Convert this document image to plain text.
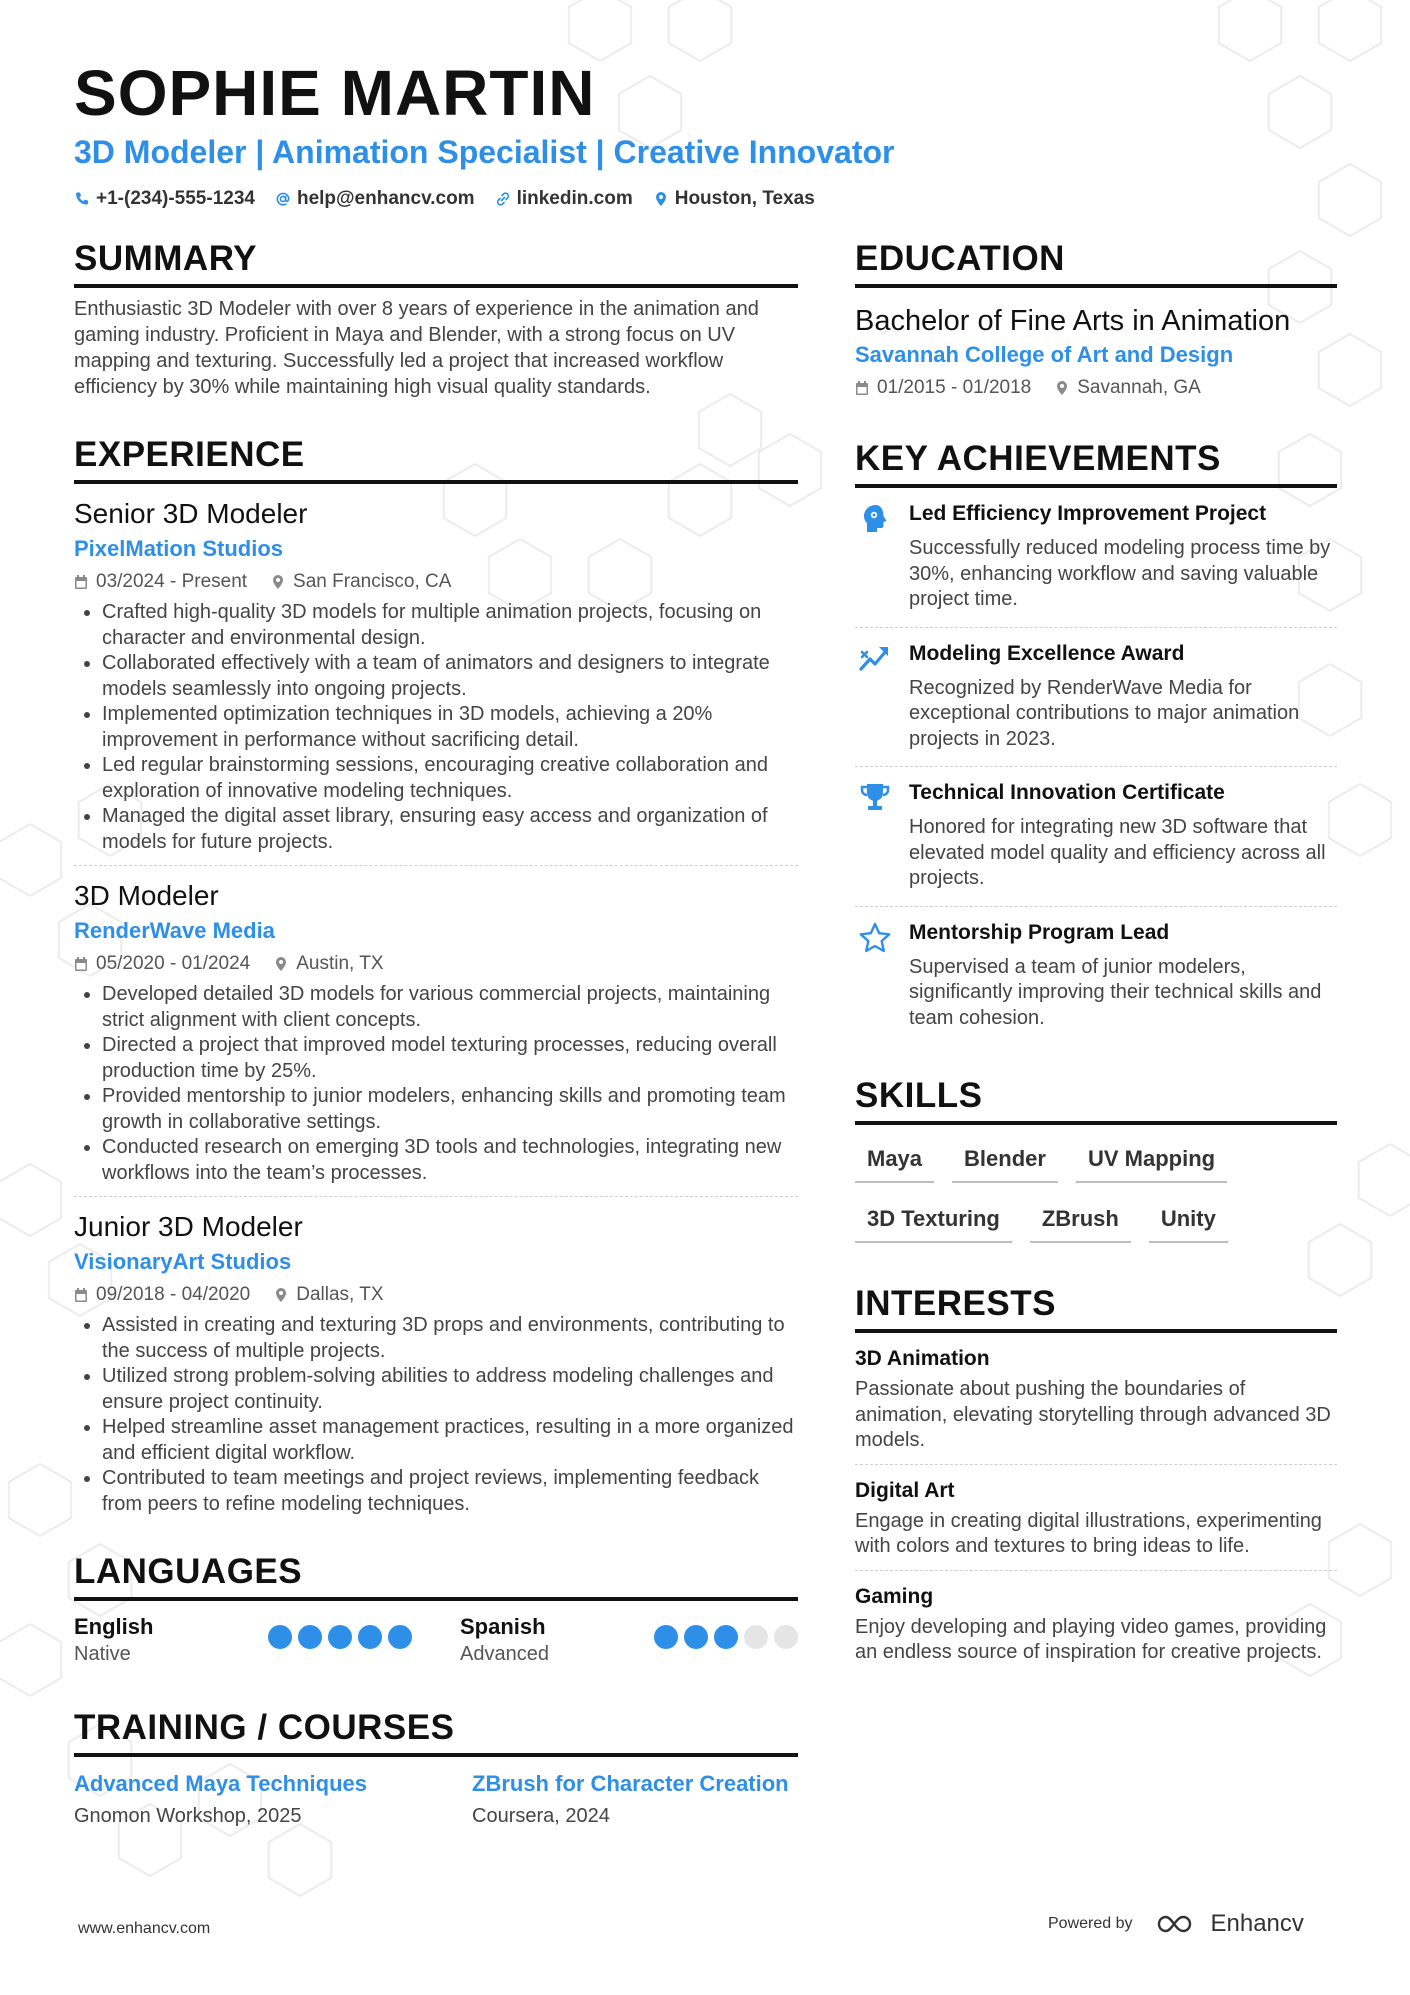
SOPHIE MARTIN
3D Modeler | Animation Specialist | Creative Innovator
+1-(234)-555-1234 help@enhancv.com linkedin.com Houston, Texas
SUMMARY
Enthusiastic 3D Modeler with over 8 years of experience in the animation and gaming industry. Proficient in Maya and Blender, with a strong focus on UV mapping and texturing. Successfully led a project that increased workflow efficiency by 30% while maintaining high visual quality standards.
EXPERIENCE
Senior 3D Modeler
PixelMation Studios
03/2024 - Present San Francisco, CA
• Crafted high-quality 3D models for multiple animation projects, focusing on character and environmental design.
• Collaborated effectively with a team of animators and designers to integrate models seamlessly into ongoing projects.
• Implemented optimization techniques in 3D models, achieving a 20% improvement in performance without sacrificing detail.
• Led regular brainstorming sessions, encouraging creative collaboration and exploration of innovative modeling techniques.
• Managed the digital asset library, ensuring easy access and organization of models for future projects.
3D Modeler
RenderWave Media
05/2020 - 01/2024 Austin, TX
• Developed detailed 3D models for various commercial projects, maintaining strict alignment with client concepts.
• Directed a project that improved model texturing processes, reducing overall production time by 25%.
• Provided mentorship to junior modelers, enhancing skills and promoting team growth in collaborative settings.
• Conducted research on emerging 3D tools and technologies, integrating new workflows into the team’s processes.
Junior 3D Modeler
VisionaryArt Studios
09/2018 - 04/2020 Dallas, TX
• Assisted in creating and texturing 3D props and environments, contributing to the success of multiple projects.
• Utilized strong problem-solving abilities to address modeling challenges and ensure project continuity.
• Helped streamline asset management practices, resulting in a more organized and efficient digital workflow.
• Contributed to team meetings and project reviews, implementing feedback from peers to refine modeling techniques.
LANGUAGES
English
Native
Spanish
Advanced
TRAINING / COURSES
Advanced Maya Techniques
Gnomon Workshop, 2025
ZBrush for Character Creation
Coursera, 2024
EDUCATION
Bachelor of Fine Arts in Animation
Savannah College of Art and Design
01/2015 - 01/2018 Savannah, GA
KEY ACHIEVEMENTS
Led Efficiency Improvement Project
Successfully reduced modeling process time by 30%, enhancing workflow and saving valuable project time.
Modeling Excellence Award
Recognized by RenderWave Media for exceptional contributions to major animation projects in 2023.
Technical Innovation Certificate
Honored for integrating new 3D software that elevated model quality and efficiency across all projects.
Mentorship Program Lead
Supervised a team of junior modelers, significantly improving their technical skills and team cohesion.
SKILLS
Maya	Blender	UV Mapping
3D Texturing	ZBrush	Unity
INTERESTS
3D Animation
Passionate about pushing the boundaries of animation, elevating storytelling through advanced 3D models.
Digital Art
Engage in creating digital illustrations, experimenting with colors and textures to bring ideas to life.
Gaming
Enjoy developing and playing video games, providing an endless source of inspiration for creative projects.
www.enhancv.com	Powered by	Enhancv
